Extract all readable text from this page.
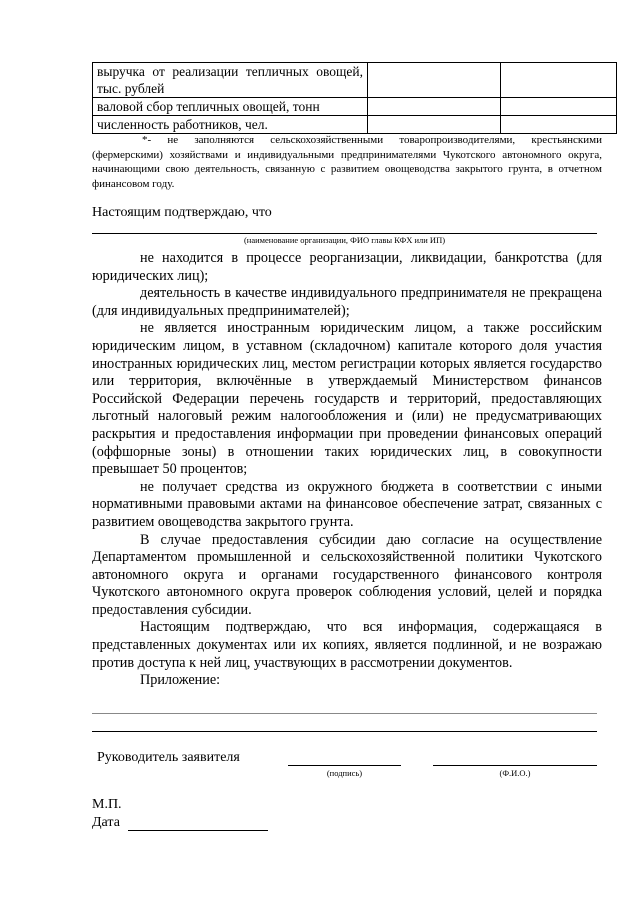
выручка от реализации тепличных овощей, тыс. рублей		
валовой сбор тепличных овощей, тонн		
численность работников, чел.		
*- не заполняются сельскохозяйственными товаропроизводителями, крестьянскими (фермерскими) хозяйствами и индивидуальными предпринимателями Чукотского автономного округа, начинающими свою деятельность, связанную с развитием овощеводства закрытого грунта, в отчетном финансовом году.
Настоящим подтверждаю, что
(наименование организации, ФИО главы КФХ или ИП)

не находится в процессе реорганизации, ликвидации, банкротства (для юридических лиц);

деятельность в качестве индивидуального предпринимателя не прекращена (для индивидуальных предпринимателей);

не является иностранным юридическим лицом, а также российским юридическим лицом, в уставном (складочном) капитале которого доля участия иностранных юридических лиц, местом регистрации которых является государство или территория, включённые в утверждаемый Министерством финансов Российской Федерации перечень государств и территорий, предоставляющих льготный налоговый режим налогообложения и (или) не предусматривающих раскрытия и предоставления информации при проведении финансовых операций (оффшорные зоны) в отношении таких юридических лиц, в совокупности превышает 50 процентов;

не получает средства из окружного бюджета в соответствии с иными нормативными правовыми актами на финансовое обеспечение затрат, связанных с развитием овощеводства закрытого грунта.

В случае предоставления субсидии даю согласие на осуществление Департаментом промышленной и сельскохозяйственной политики Чукотского автономного округа и органами государственного финансового контроля Чукотского автономного округа проверок соблюдения условий, целей и порядка предоставления субсидии.

Настоящим подтверждаю, что вся информация, содержащаяся в представленных документах или их копиях, является подлинной, и не возражаю против доступа к ней лиц, участвующих в рассмотрении документов.

Приложение:

Руководитель заявителя
(подпись)	(Ф.И.О.)
М.П.
Дата
